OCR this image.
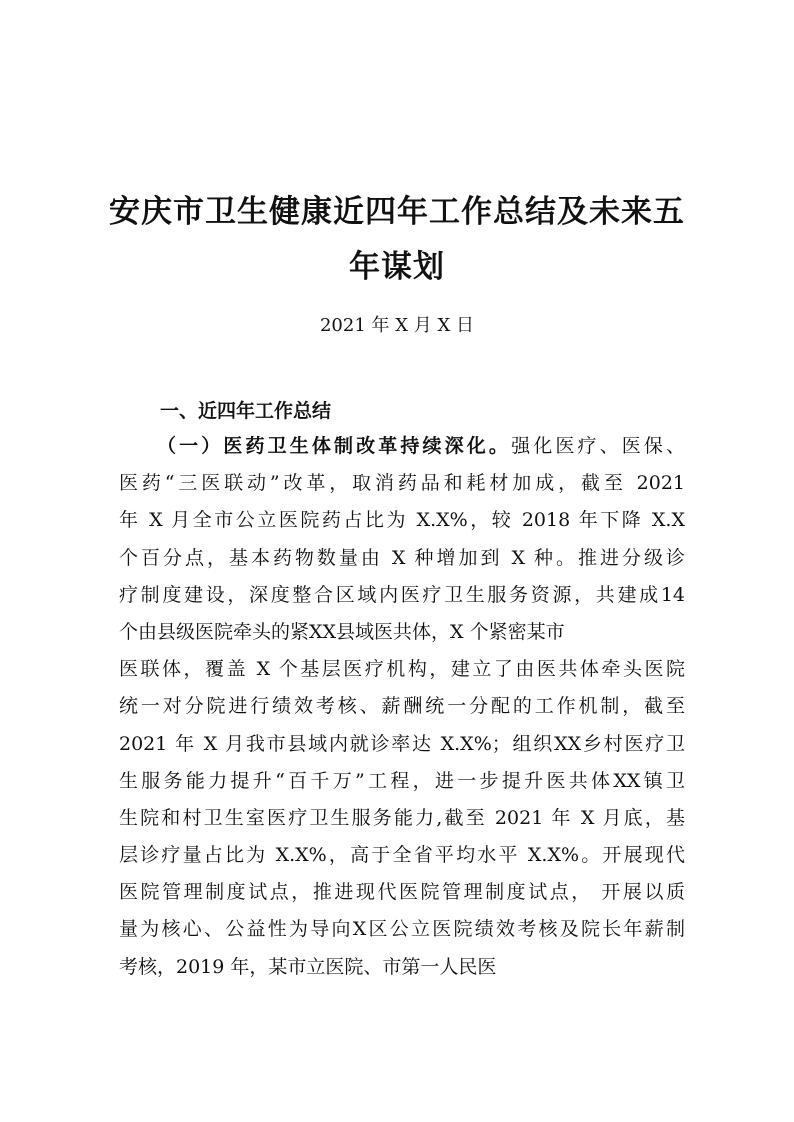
安庆市卫生健康近四年工作总结及未来五
年谋划
2021 年 X 月 X 日
一、近四年工作总结
（一）医药卫生体制改革持续深化。强化医疗、医保、
医药“三医联动”改革，取消药品和耗材加成，截至 2021
年 X 月全市公立医院药占比为 X.X%，较 2018 年下降 X.X
个百分点，基本药物数量由 X 种增加到 X 种。推进分级诊
疗制度建设，深度整合区域内医疗卫生服务资源，共建成14
个由县级医院牵头的紧XX县域医共体，X 个紧密某市
医联体，覆盖 X 个基层医疗机构，建立了由医共体牵头医院
统一对分院进行绩效考核、薪酬统一分配的工作机制，截至
2021 年 X 月我市县域内就诊率达 X.X%；组织XX乡村医疗卫
生服务能力提升“百千万”工程，进一步提升医共体XX镇卫
生院和村卫生室医疗卫生服务能力,截至 2021 年 X 月底，基
层诊疗量占比为 X.X%，高于全省平均水平 X.X%。开展现代
医院管理制度试点，推进现代医院管理制度试点， 开展以质
量为核心、公益性为导向X区公立医院绩效考核及院长年薪制
考核，2019 年，某市立医院、市第一人民医
